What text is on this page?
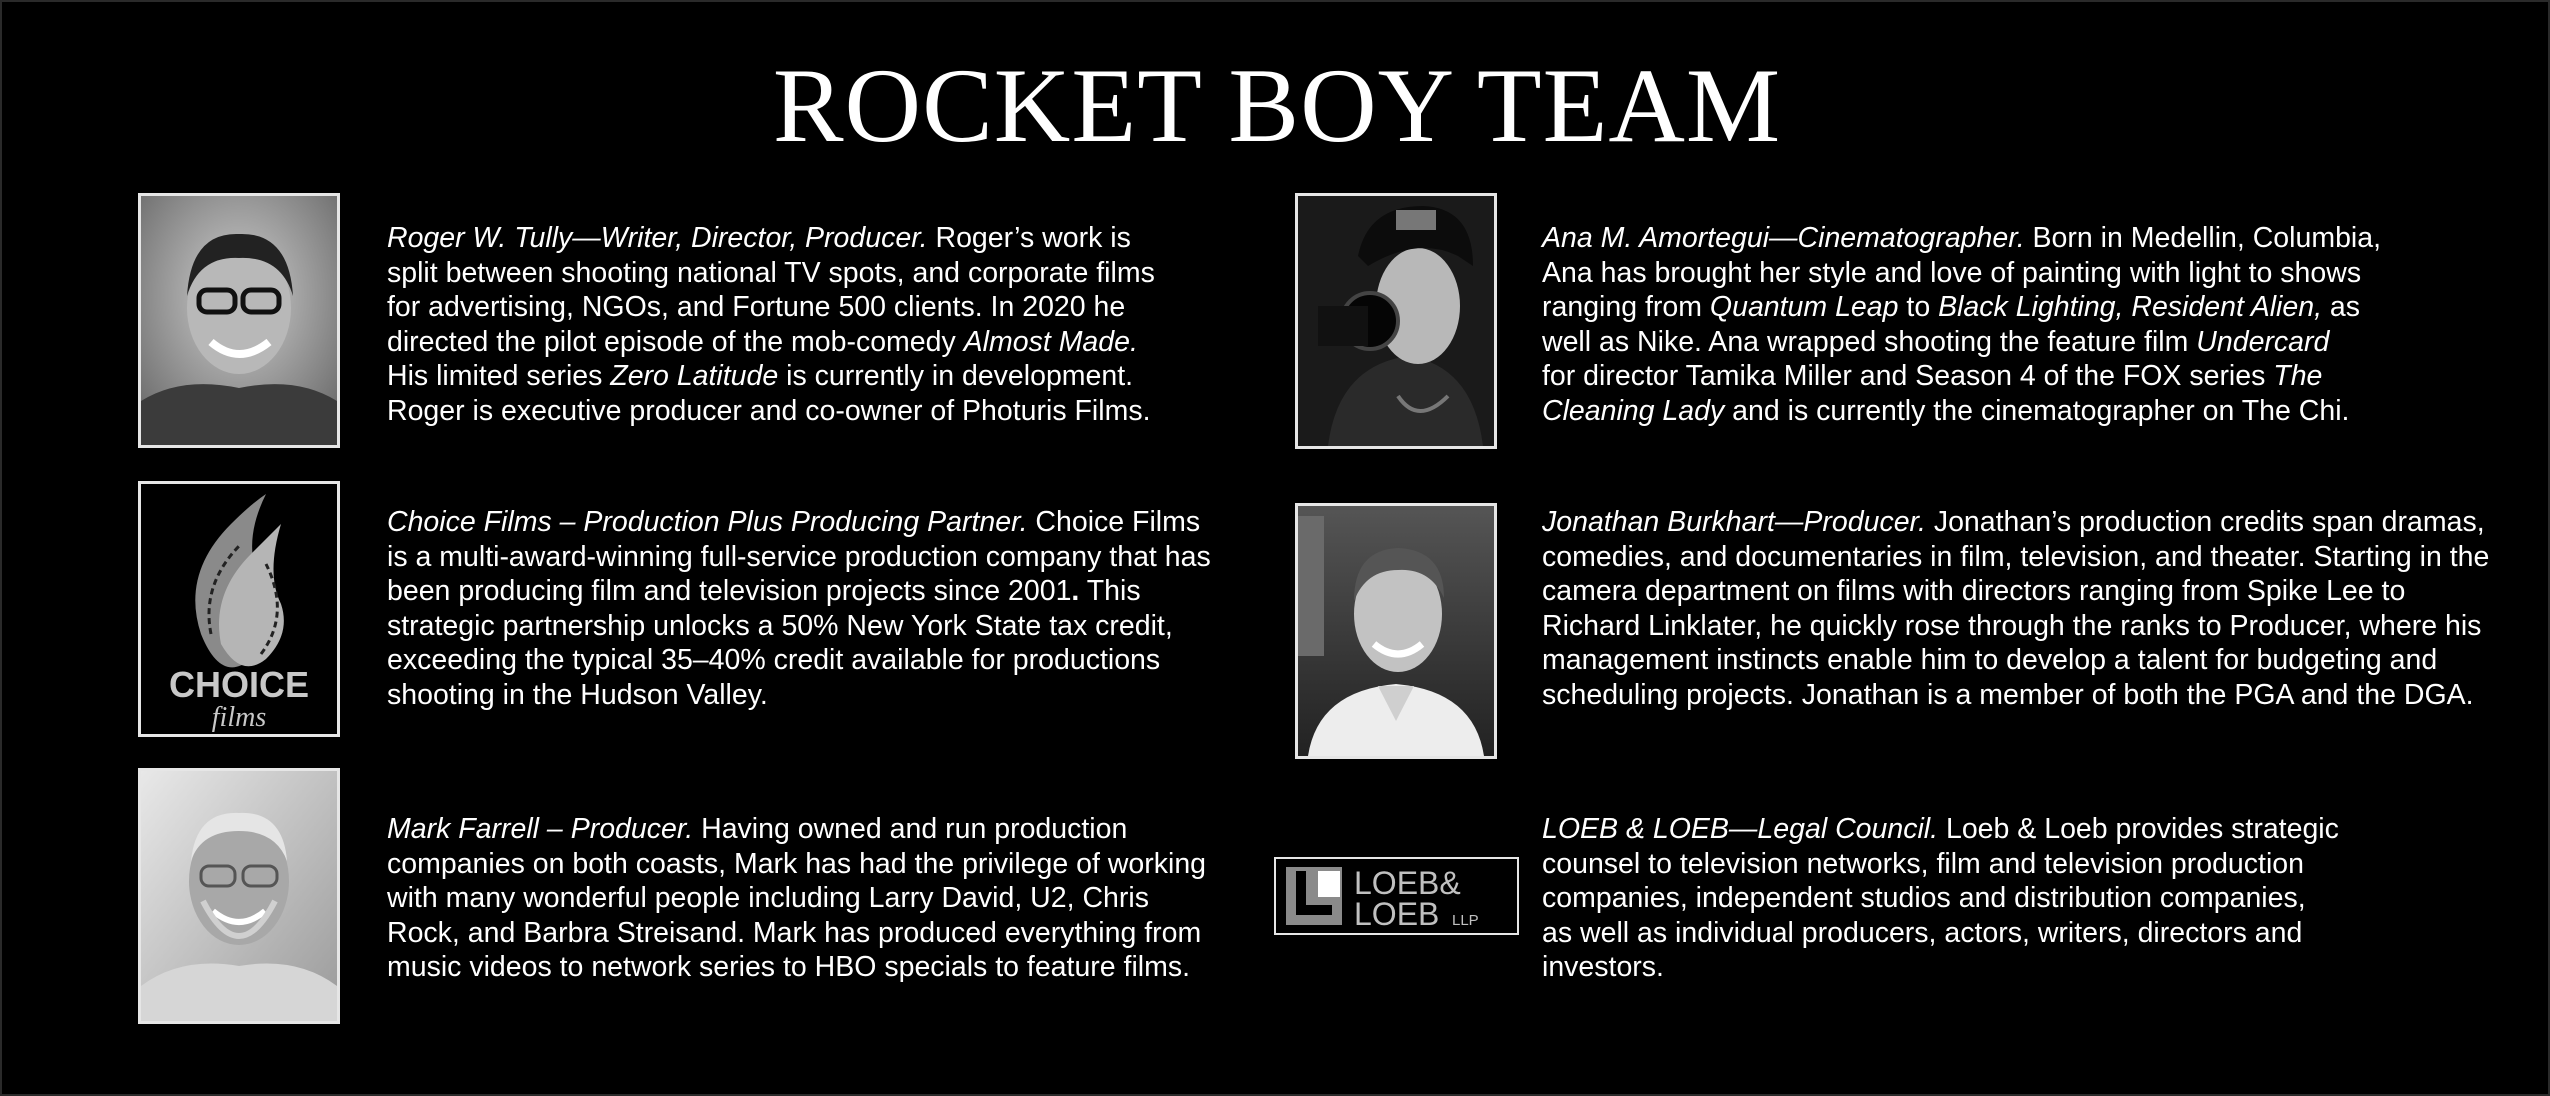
ROCKET BOY TEAM
Roger W. Tully—Writer, Director, Producer. Roger’s work is
split between shooting national TV spots, and corporate films
for advertising, NGOs, and Fortune 500 clients. In 2020 he
directed the pilot episode of the mob-comedy Almost Made.
His limited series Zero Latitude is currently in development.
Roger is executive producer and co-owner of Photuris Films.
CHOICE
films
Choice Films – Production Plus Producing Partner. Choice Films
is a multi-award-winning full-service production company that has
been producing film and television projects since 2001. This
strategic partnership unlocks a 50% New York State tax credit,
exceeding the typical 35–40% credit available for productions
shooting in the Hudson Valley.
Mark Farrell – Producer. Having owned and run production
companies on both coasts, Mark has had the privilege of working
with many wonderful people including Larry David, U2, Chris
Rock, and Barbra Streisand. Mark has produced everything from
music videos to network series to HBO specials to feature films.
Ana M. Amortegui—Cinematographer. Born in Medellin, Columbia,
Ana has brought her style and love of painting with light to shows
ranging from Quantum Leap to Black Lighting, Resident Alien, as
well as Nike. Ana wrapped shooting the feature film Undercard
for director Tamika Miller and Season 4 of the FOX series The
Cleaning Lady and is currently the cinematographer on The Chi.
Jonathan Burkhart—Producer. Jonathan’s production credits span dramas,
comedies, and documentaries in film, television, and theater. Starting in the
camera department on films with directors ranging from Spike Lee to
Richard Linklater, he quickly rose through the ranks to Producer, where his
management instincts enable him to develop a talent for budgeting and
scheduling projects. Jonathan is a member of both the PGA and the DGA.
LOEB&
LOEB LLP
LOEB & LOEB—Legal Council. Loeb & Loeb provides strategic
counsel to television networks, film and television production
companies, independent studios and distribution companies,
as well as individual producers, actors, writers, directors and
investors.
